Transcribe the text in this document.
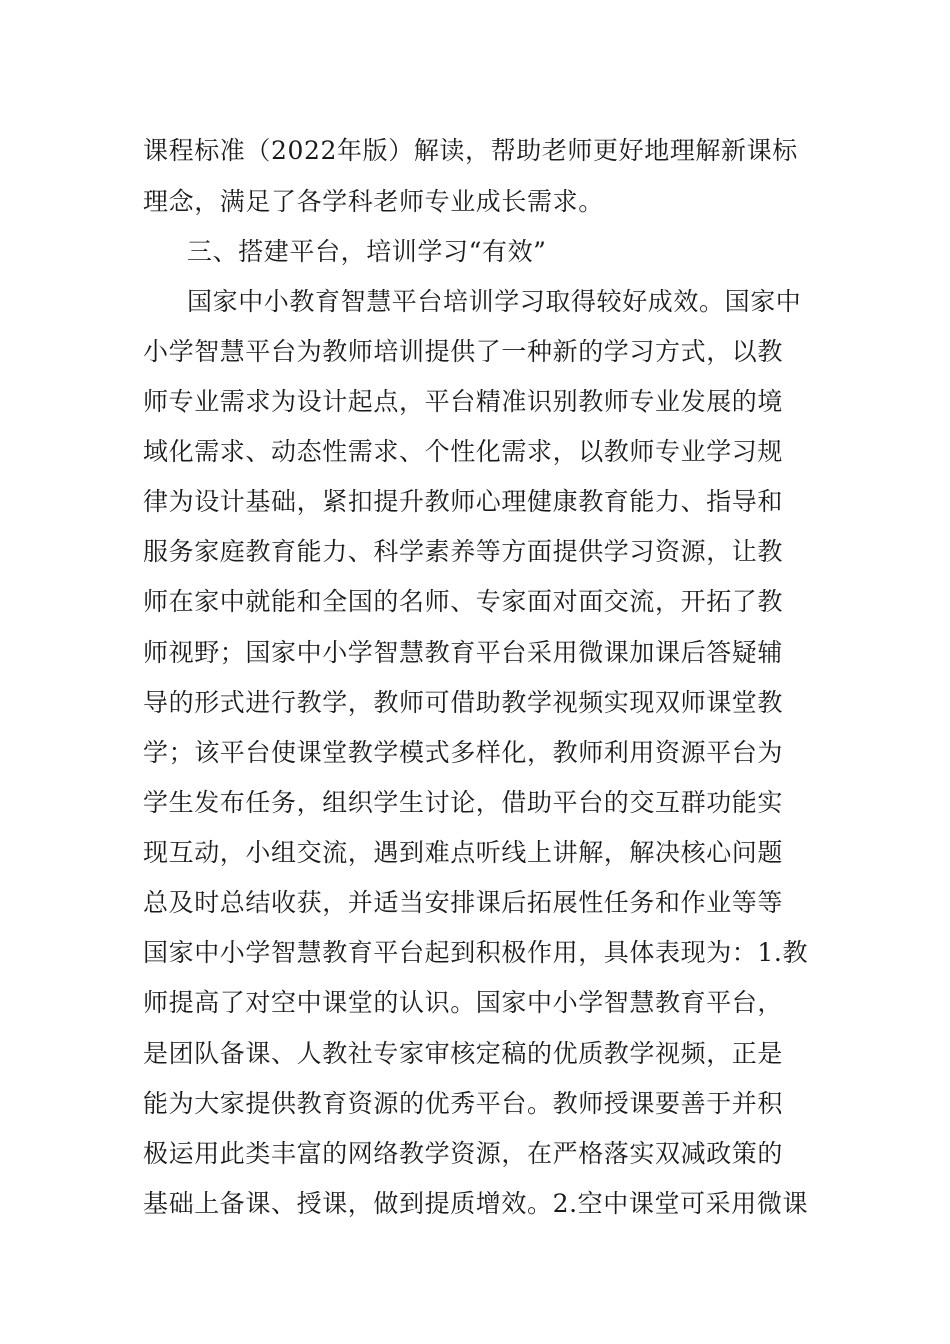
课程标准（2022年版）解读，帮助老师更好地理解新课标
理念，满足了各学科老师专业成长需求。
三、搭建平台，培训学习“有效”
国家中小教育智慧平台培训学习取得较好成效。国家中
小学智慧平台为教师培训提供了一种新的学习方式，以教
师专业需求为设计起点，平台精准识别教师专业发展的境
域化需求、动态性需求、个性化需求，以教师专业学习规
律为设计基础，紧扣提升教师心理健康教育能力、指导和
服务家庭教育能力、科学素养等方面提供学习资源，让教
师在家中就能和全国的名师、专家面对面交流，开拓了教
师视野；国家中小学智慧教育平台采用微课加课后答疑辅
导的形式进行教学，教师可借助教学视频实现双师课堂教
学；该平台使课堂教学模式多样化，教师利用资源平台为
学生发布任务，组织学生讨论，借助平台的交互群功能实
现互动，小组交流，遇到难点听线上讲解，解决核心问题
总及时总结收获，并适当安排课后拓展性任务和作业等等
国家中小学智慧教育平台起到积极作用，具体表现为：1.教
师提高了对空中课堂的认识。国家中小学智慧教育平台，
是团队备课、人教社专家审核定稿的优质教学视频，正是
能为大家提供教育资源的优秀平台。教师授课要善于并积
极运用此类丰富的网络教学资源，在严格落实双减政策的
基础上备课、授课，做到提质增效。2.空中课堂可采用微课
